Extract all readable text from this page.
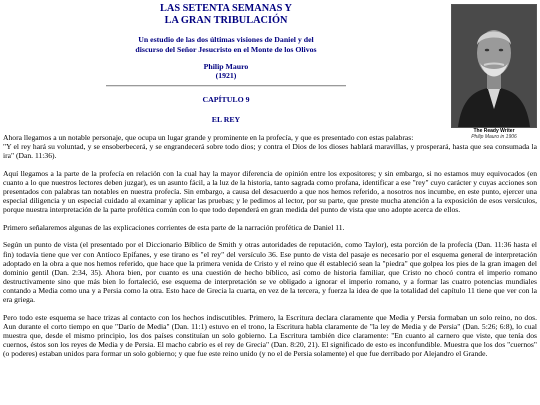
LAS SETENTA SEMANAS Y
LA GRAN TRIBULACIÓN
Un estudio de las dos últimas visiones de Daniel y del
discurso del Señor Jesucristo en el Monte de los Olivos
Philip Mauro
(1921)
CAPÍTULO 9
EL REY
The Ready Writer
Philip Mauro in 1906

Ahora llegamos a un notable personaje, que ocupa un lugar grande y prominente en la profecía, y que es presentado con estas palabras:

"Y el rey hará su voluntad, y se ensoberbecerá, y se engrandecerá sobre todo dios; y contra el Dios de los dioses hablará maravillas, y prosperará, hasta que sea consumada la ira" (Dan. 11:36).

Aquí llegamos a la parte de la profecía en relación con la cual hay la mayor diferencia de opinión entre los expositores; y sin embargo, si no estamos muy equivocados (en cuanto a lo que nuestros lectores deben juzgar), es un asunto fácil, a la luz de la historia, tanto sagrada como profana, identificar a ese "rey" cuyo carácter y cuyas acciones son presentados con palabras tan notables en nuestra profecía. Sin embargo, a causa del desacuerdo a que nos hemos referido, a nosotros nos incumbe, en este punto, ejercer una especial diligencia y un especial cuidado al examinar y aplicar las pruebas; y le pedimos al lector, por su parte, que preste mucha atención a la exposición de esos versículos, porque nuestra interpretación de la parte profética común con lo que todo dependerá en gran medida del punto de vista que uno adopte acerca de ellos.

Primero señalaremos algunas de las explicaciones corrientes de esta parte de la narración profética de Daniel 11.

Según un punto de vista (el presentado por el Diccionario Bíblico de Smith y otras autoridades de reputación, como Taylor), esta porción de la profecía (Dan. 11:36 hasta el fin) todavía tiene que ver con Antíoco Epífanes, y ese tirano es "el rey" del versículo 36. Ese punto de vista del pasaje es necesario por el esquema general de interpretación adoptado en la obra a que nos hemos referido, que hace que la primera venida de Cristo y el reino que él estableció sean la "piedra" que golpea los pies de la gran imagen del dominio gentil (Dan. 2:34, 35). Ahora bien, por cuanto es una cuestión de hecho bíblico, así como de historia familiar, que Cristo no chocó contra el imperio romano destructivamente sino que más bien lo fortaleció, ese esquema de interpretación se ve obligado a ignorar el imperio romano, y a formar las cuatro potencias mundiales contando a Media como una y a Persia como la otra. Esto hace de Grecia la cuarta, en vez de la tercera, y fuerza la idea de que la totalidad del capítulo 11 tiene que ver con la era griega.

Pero todo este esquema se hace trizas al contacto con los hechos indiscutibles. Primero, la Escritura declara claramente que Media y Persia formaban un solo reino, no dos. Aun durante el corto tiempo en que "Darío de Media" (Dan. 11:1) estuvo en el trono, la Escritura habla claramente de "la ley de Media y de Persia" (Dan. 5:26; 6:8), lo cual muestra que, desde el mismo principio, los dos países constituían un solo gobierno. La Escritura también dice claramente: "En cuanto al carnero que viste, que tenía dos cuernos, éstos son los reyes de Media y de Persia. El macho cabrío es el rey de Grecia" (Dan. 8:20, 21). El significado de esto es inconfundible. Muestra que los dos "cuernos" (o poderes) estaban unidos para formar un solo gobierno; y que fue este reino unido (y no el de Persia solamente) el que fue derribado por Alejandro el Grande.
